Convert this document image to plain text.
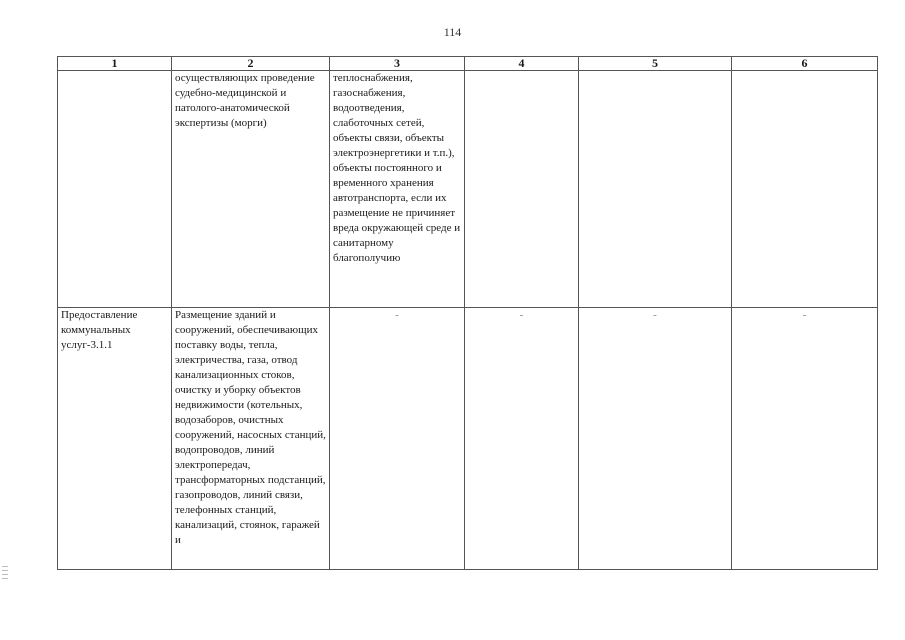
114
1	2	3	4	5	6
	осуществляющих проведение судебно-медицинской и патолого-анатомической экспертизы (морги)	теплоснабжения, газоснабжения, водоотведения, слаботочных сетей, объекты связи, объекты электроэнергетики и т.п.), объекты постоянного и временного хранения автотранспорта, если их размещение не причиняет вреда окружающей среде и санитарному благополучию			
Предоставление коммунальных услуг-3.1.1	Размещение зданий и сооружений, обеспечивающих поставку воды, тепла, электричества, газа, отвод канализационных стоков, очистку и уборку объектов недвижимости (котельных, водозаборов, очистных сооружений, насосных станций, водопроводов, линий электропередач, трансформаторных подстанций, газопроводов, линий связи, телефонных станций, канализаций, стоянок, гаражей и	-	-	-	-
